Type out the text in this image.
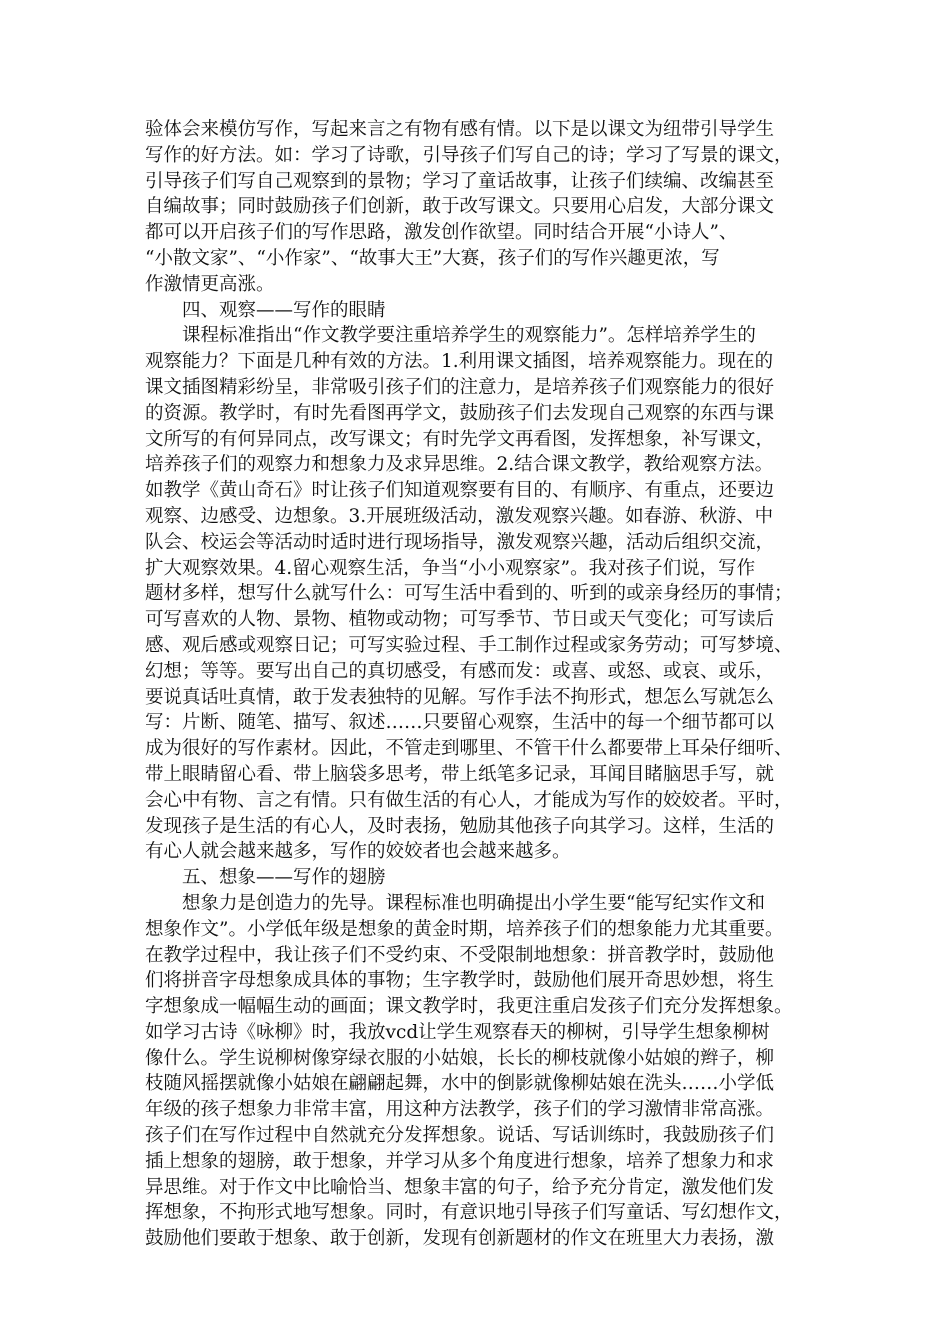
验体会来模仿写作，写起来言之有物有感有情。以下是以课文为纽带引导学生
写作的好方法。如：学习了诗歌，引导孩子们写自己的诗；学习了写景的课文，
引导孩子们写自己观察到的景物；学习了童话故事，让孩子们续编、改编甚至
自编故事；同时鼓励孩子们创新，敢于改写课文。只要用心启发，大部分课文
都可以开启孩子们的写作思路，激发创作欲望。同时结合开展“小诗人”、
“小散文家”、“小作家”、“故事大王”大赛，孩子们的写作兴趣更浓，写
作激情更高涨。
四、观察——写作的眼睛
课程标准指出“作文教学要注重培养学生的观察能力”。怎样培养学生的
观察能力？下面是几种有效的方法。1.利用课文插图，培养观察能力。现在的
课文插图精彩纷呈，非常吸引孩子们的注意力，是培养孩子们观察能力的很好
的资源。教学时，有时先看图再学文，鼓励孩子们去发现自己观察的东西与课
文所写的有何异同点，改写课文；有时先学文再看图，发挥想象，补写课文，
培养孩子们的观察力和想象力及求异思维。2.结合课文教学，教给观察方法。
如教学《黄山奇石》时让孩子们知道观察要有目的、有顺序、有重点，还要边
观察、边感受、边想象。3.开展班级活动，激发观察兴趣。如春游、秋游、中
队会、校运会等活动时适时进行现场指导，激发观察兴趣，活动后组织交流，
扩大观察效果。4.留心观察生活，争当“小小观察家”。我对孩子们说，写作
题材多样，想写什么就写什么：可写生活中看到的、听到的或亲身经历的事情；
可写喜欢的人物、景物、植物或动物；可写季节、节日或天气变化；可写读后
感、观后感或观察日记；可写实验过程、手工制作过程或家务劳动；可写梦境、
幻想；等等。要写出自己的真切感受，有感而发：或喜、或怒、或哀、或乐，
要说真话吐真情，敢于发表独特的见解。写作手法不拘形式，想怎么写就怎么
写：片断、随笔、描写、叙述……只要留心观察，生活中的每一个细节都可以
成为很好的写作素材。因此，不管走到哪里、不管干什么都要带上耳朵仔细听、
带上眼睛留心看、带上脑袋多思考，带上纸笔多记录，耳闻目睹脑思手写，就
会心中有物、言之有情。只有做生活的有心人，才能成为写作的姣姣者。平时，
发现孩子是生活的有心人，及时表扬，勉励其他孩子向其学习。这样，生活的
有心人就会越来越多，写作的姣姣者也会越来越多。
五、想象——写作的翅膀
想象力是创造力的先导。课程标准也明确提出小学生要“能写纪实作文和
想象作文”。小学低年级是想象的黄金时期，培养孩子们的想象能力尤其重要。
在教学过程中，我让孩子们不受约束、不受限制地想象：拼音教学时，鼓励他
们将拼音字母想象成具体的事物；生字教学时，鼓励他们展开奇思妙想，将生
字想象成一幅幅生动的画面；课文教学时，我更注重启发孩子们充分发挥想象。
如学习古诗《咏柳》时，我放vcd让学生观察春天的柳树，引导学生想象柳树
像什么。学生说柳树像穿绿衣服的小姑娘，长长的柳枝就像小姑娘的辫子，柳
枝随风摇摆就像小姑娘在翩翩起舞，水中的倒影就像柳姑娘在洗头……小学低
年级的孩子想象力非常丰富，用这种方法教学，孩子们的学习激情非常高涨。
孩子们在写作过程中自然就充分发挥想象。说话、写话训练时，我鼓励孩子们
插上想象的翅膀，敢于想象，并学习从多个角度进行想象，培养了想象力和求
异思维。对于作文中比喻恰当、想象丰富的句子，给予充分肯定，激发他们发
挥想象，不拘形式地写想象。同时，有意识地引导孩子们写童话、写幻想作文，
鼓励他们要敢于想象、敢于创新，发现有创新题材的作文在班里大力表扬，激
